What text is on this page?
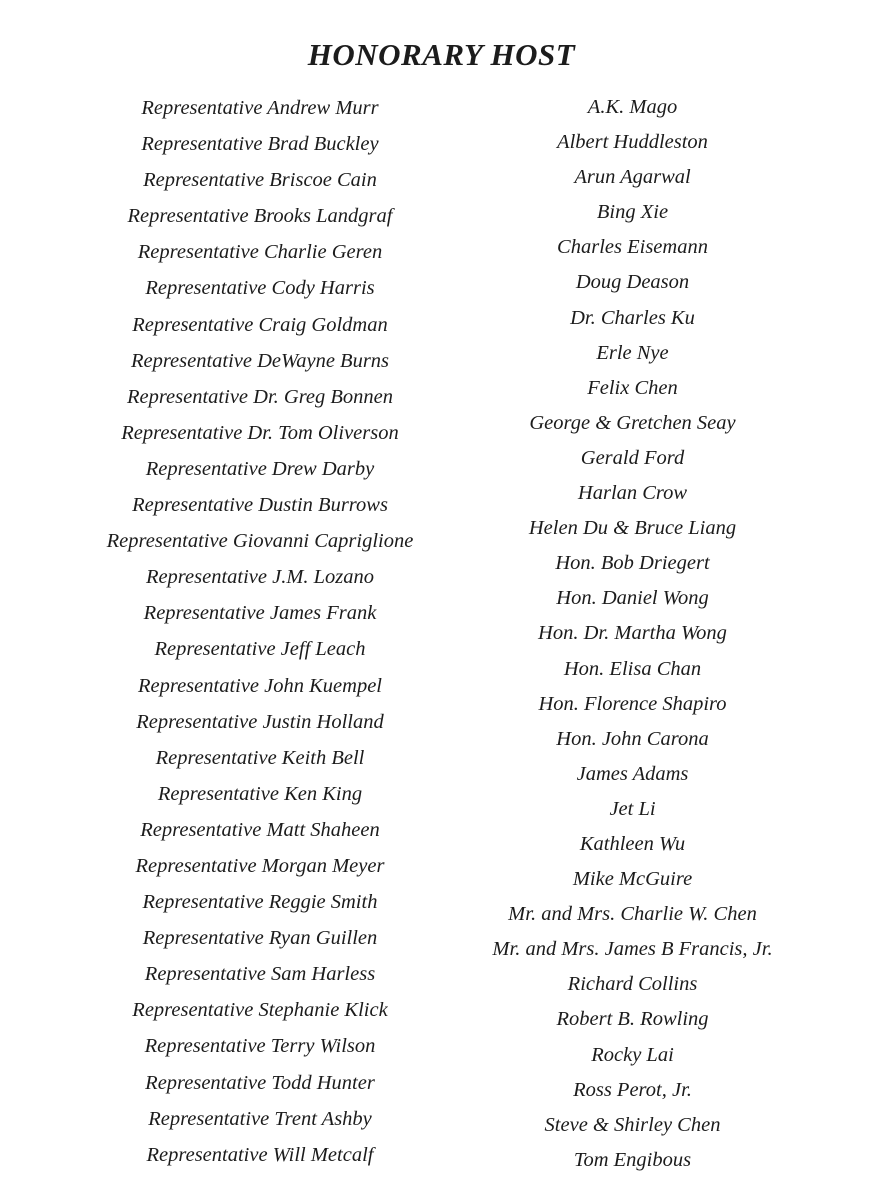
HONORARY HOST
Representative Andrew Murr
Representative Brad Buckley
Representative Briscoe Cain
Representative Brooks Landgraf
Representative Charlie Geren
Representative Cody Harris
Representative Craig Goldman
Representative DeWayne Burns
Representative Dr. Greg Bonnen
Representative Dr. Tom Oliverson
Representative Drew Darby
Representative Dustin Burrows
Representative Giovanni Capriglione
Representative J.M. Lozano
Representative James Frank
Representative Jeff Leach
Representative John Kuempel
Representative Justin Holland
Representative Keith Bell
Representative Ken King
Representative Matt Shaheen
Representative Morgan Meyer
Representative Reggie Smith
Representative Ryan Guillen
Representative Sam Harless
Representative Stephanie Klick
Representative Terry Wilson
Representative Todd Hunter
Representative Trent Ashby
Representative Will Metcalf
A.K. Mago
Albert Huddleston
Arun Agarwal
Bing Xie
Charles Eisemann
Doug Deason
Dr. Charles Ku
Erle Nye
Felix Chen
George & Gretchen Seay
Gerald Ford
Harlan Crow
Helen Du & Bruce Liang
Hon. Bob Driegert
Hon. Daniel Wong
Hon. Dr. Martha Wong
Hon. Elisa Chan
Hon. Florence Shapiro
Hon. John Carona
James Adams
Jet Li
Kathleen Wu
Mike McGuire
Mr. and Mrs. Charlie W. Chen
Mr. and Mrs. James B Francis, Jr.
Richard Collins
Robert B. Rowling
Rocky Lai
Ross Perot, Jr.
Steve & Shirley Chen
Tom Engibous
